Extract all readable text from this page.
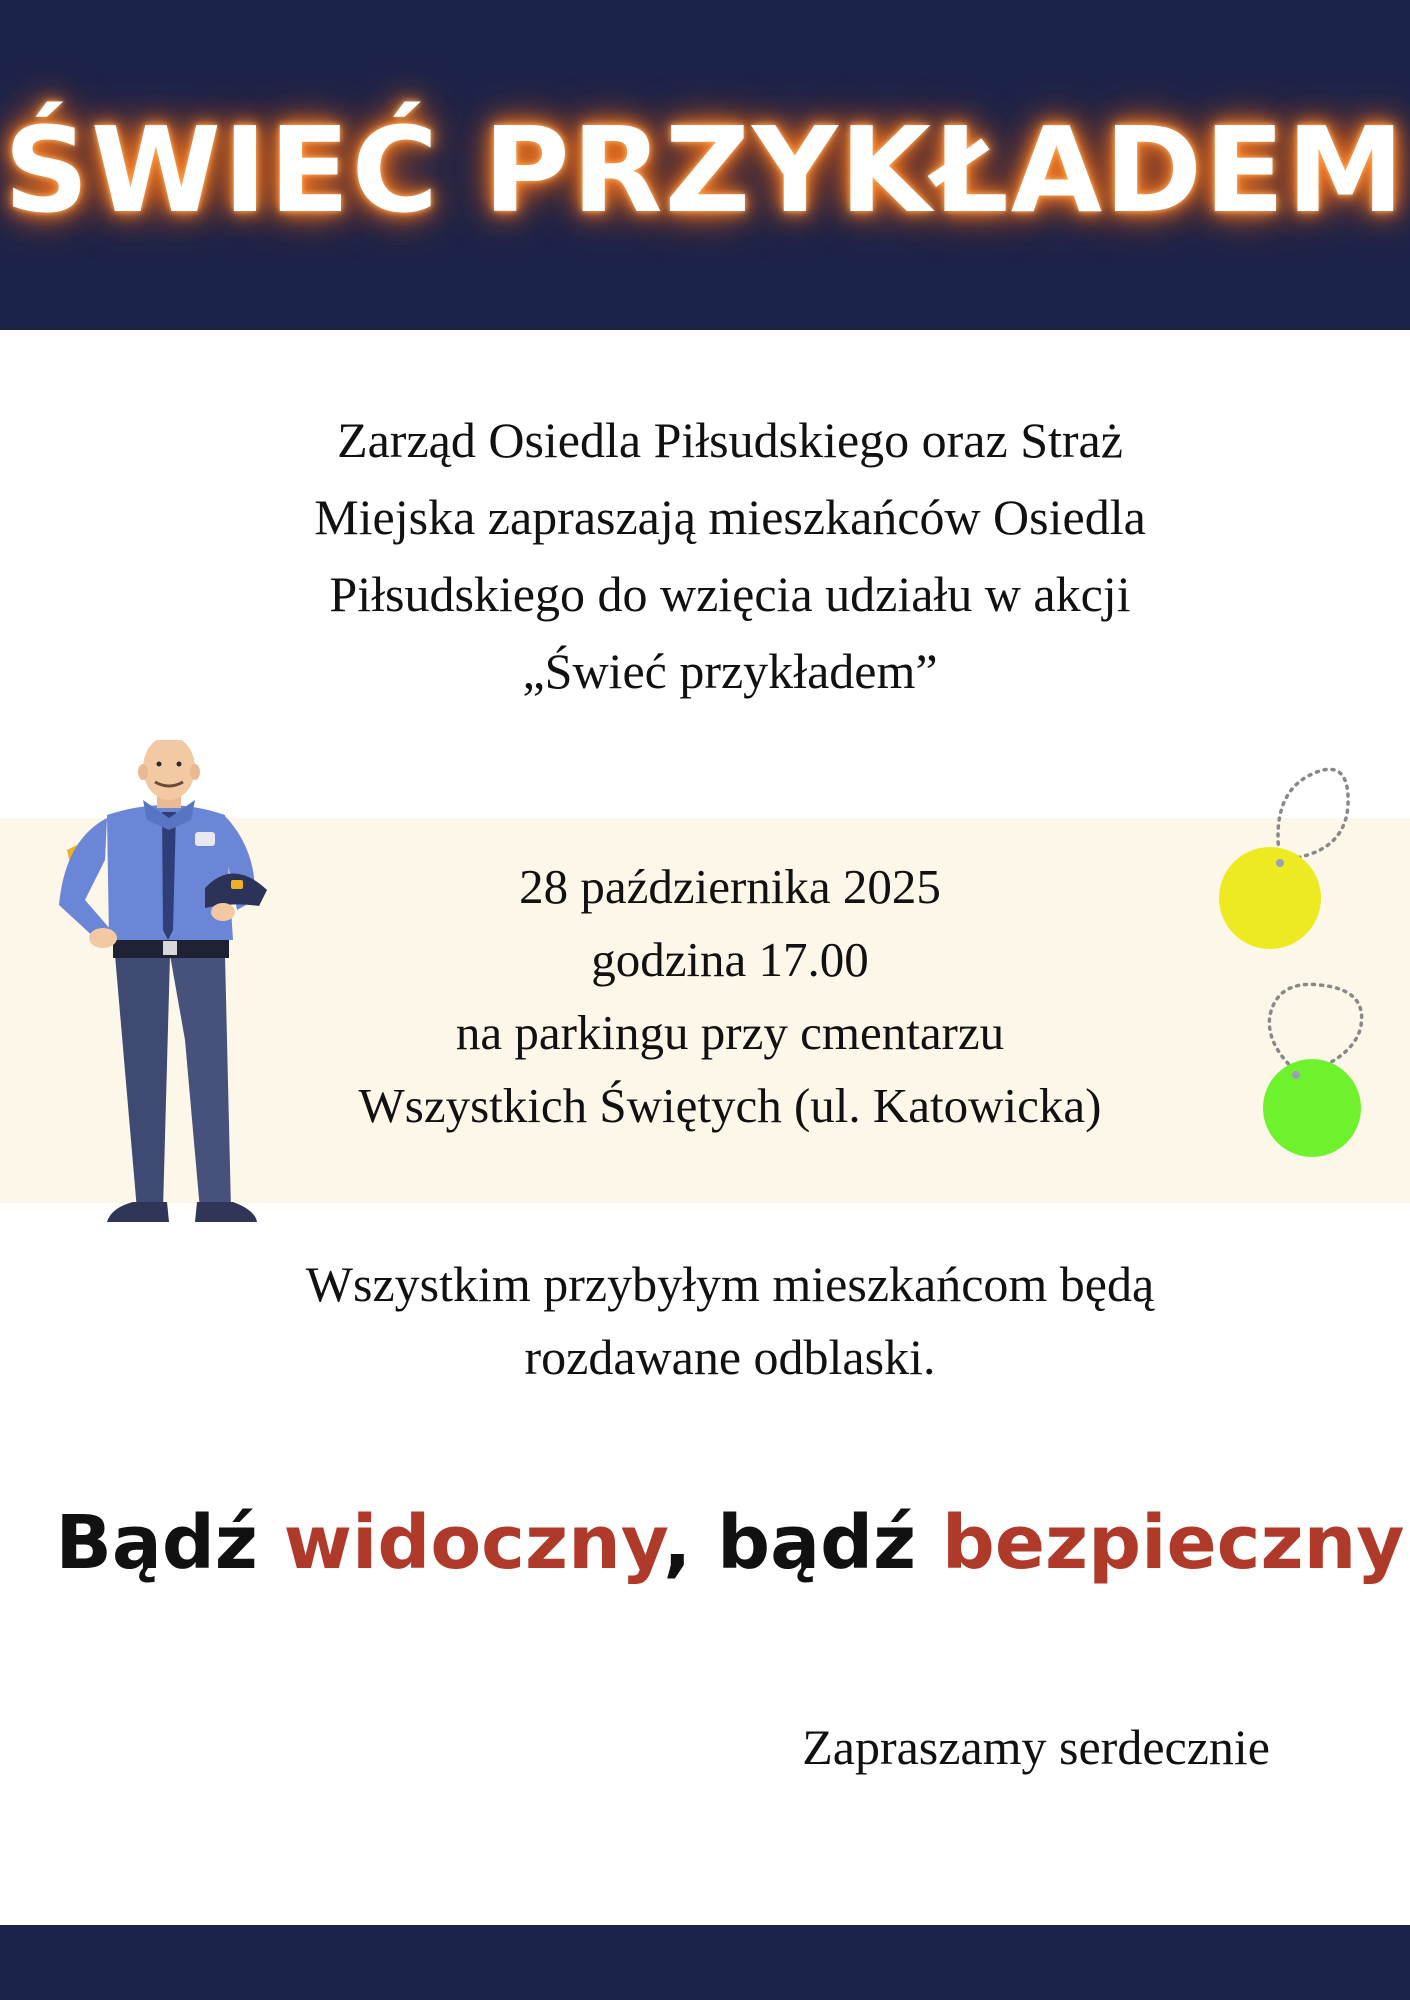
ŚWIEĆ PRZYKŁADEM
Zarząd Osiedla Piłsudskiego oraz Straż
Miejska zapraszają mieszkańców Osiedla
Piłsudskiego do wzięcia udziału w akcji
„Świeć przykładem”
28 października 2025
godzina 17.00
na parkingu przy cmentarzu
Wszystkich Świętych (ul. Katowicka)
Wszystkim przybyłym mieszkańcom będą
rozdawane odblaski.
Bądź widoczny, bądź bezpieczny
Zapraszamy serdecznie
